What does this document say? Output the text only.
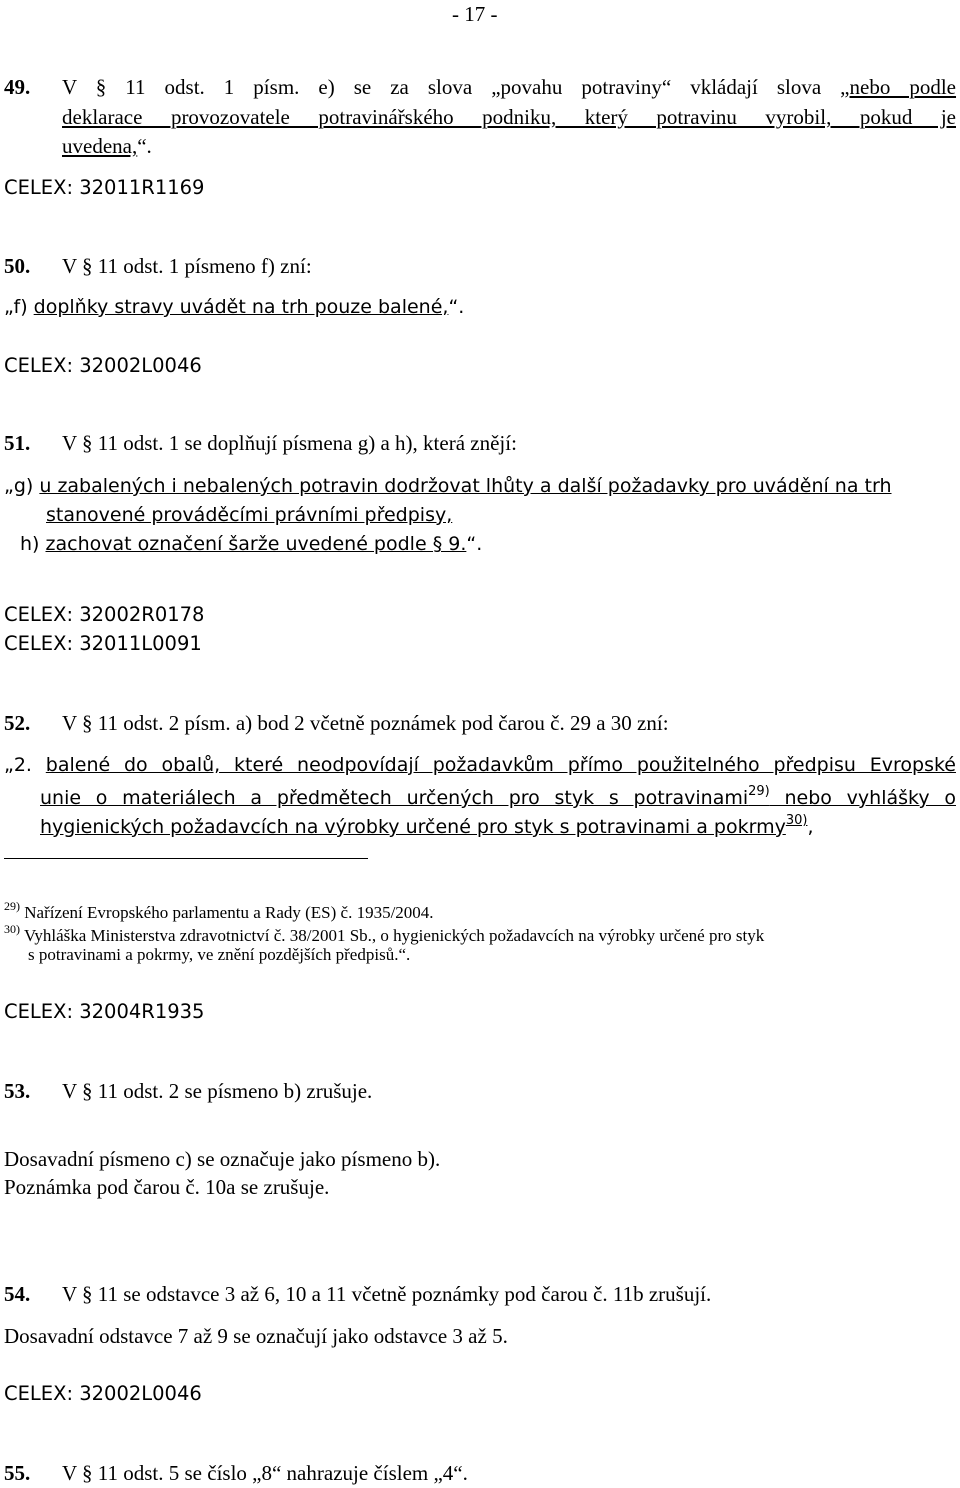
- 17 -
49. V § 11 odst. 1 písm. e) se za slova „povahu potraviny“ vkládají slova „nebo podle
deklarace provozovatele potravinářského podniku, který potravinu vyrobil, pokud je
uvedena,“.
CELEX: 32011R1169
50. V § 11 odst. 1 písmeno f) zní:
„f) doplňky stravy uvádět na trh pouze balené,“.
CELEX: 32002L0046
51. V § 11 odst. 1 se doplňují písmena g) a h), která znějí:
„g) u zabalených i nebalených potravin dodržovat lhůty a další požadavky pro uvádění na trh
stanovené prováděcími právními předpisy,
h) zachovat označení šarže uvedené podle § 9.“.
CELEX: 32002R0178
CELEX: 32011L0091
52. V § 11 odst. 2 písm. a) bod 2 včetně poznámek pod čarou č. 29 a 30 zní:
„2. balené do obalů, které neodpovídají požadavkům přímo použitelného předpisu Evropské
unie o materiálech a předmětech určených pro styk s potravinami$^{29)}$ nebo vyhlášky o
hygienických požadavcích na výrobky určené pro styk s potravinami a pokrmy$^{30)}$,
$^{29)}$ Nařízení Evropského parlamentu a Rady (ES) č. 1935/2004.
$^{30)}$ Vyhláška Ministerstva zdravotnictví č. 38/2001 Sb., o hygienických požadavcích na výrobky určené pro styk
s potravinami a pokrmy, ve znění pozdějších předpisů.“.
CELEX: 32004R1935
53. V § 11 odst. 2 se písmeno b) zrušuje.
Dosavadní písmeno c) se označuje jako písmeno b).
Poznámka pod čarou č. 10a se zrušuje.
54. V § 11 se odstavce 3 až 6, 10 a 11 včetně poznámky pod čarou č. 11b zrušují.
Dosavadní odstavce 7 až 9 se označují jako odstavce 3 až 5.
CELEX: 32002L0046
55. V § 11 odst. 5 se číslo „8“ nahrazuje číslem „4“.
